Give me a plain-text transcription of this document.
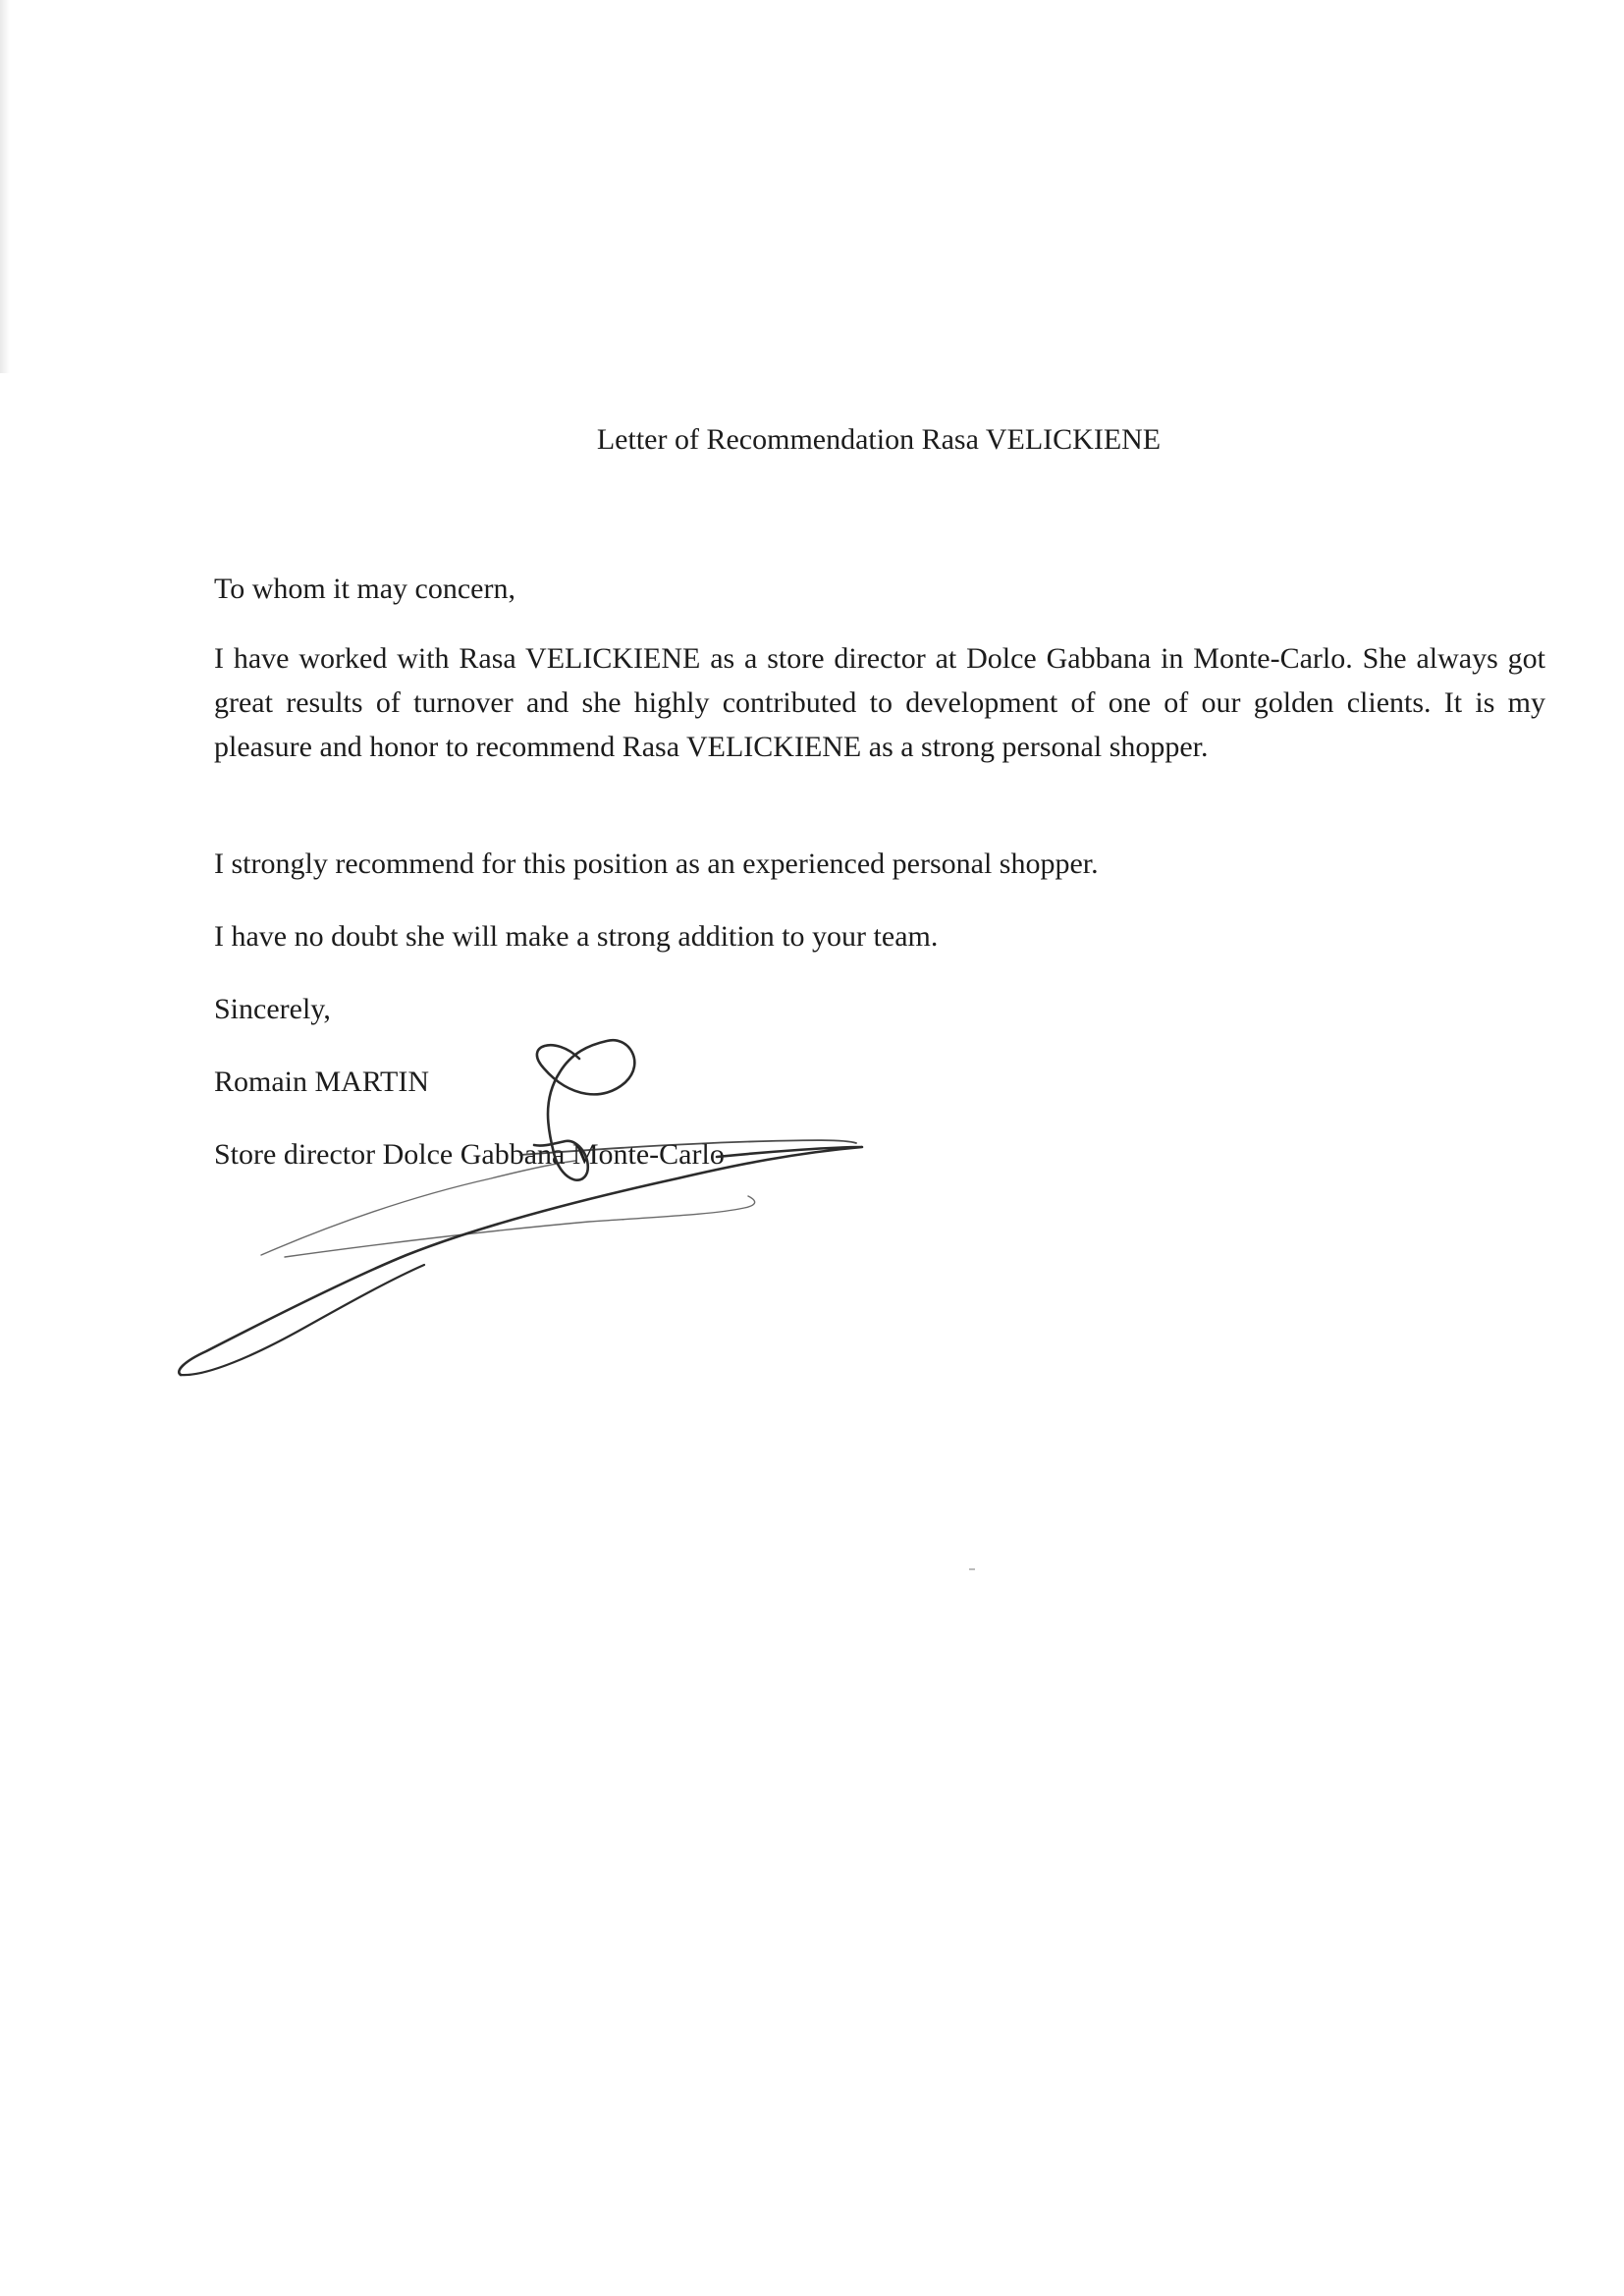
Letter of Recommendation Rasa VELICKIENE

To whom it may concern,

I have worked with Rasa VELICKIENE as a store director at Dolce Gabbana in Monte-Carlo. She always got great results of turnover and she highly contributed to development of one of our golden clients. It is my pleasure and honor to recommend Rasa VELICKIENE as a strong personal shopper.

I strongly recommend for this position as an experienced personal shopper.

I have no doubt she will make a strong addition to your team.

Sincerely,

Romain MARTIN

Store director Dolce Gabbana Monte-Carlo
